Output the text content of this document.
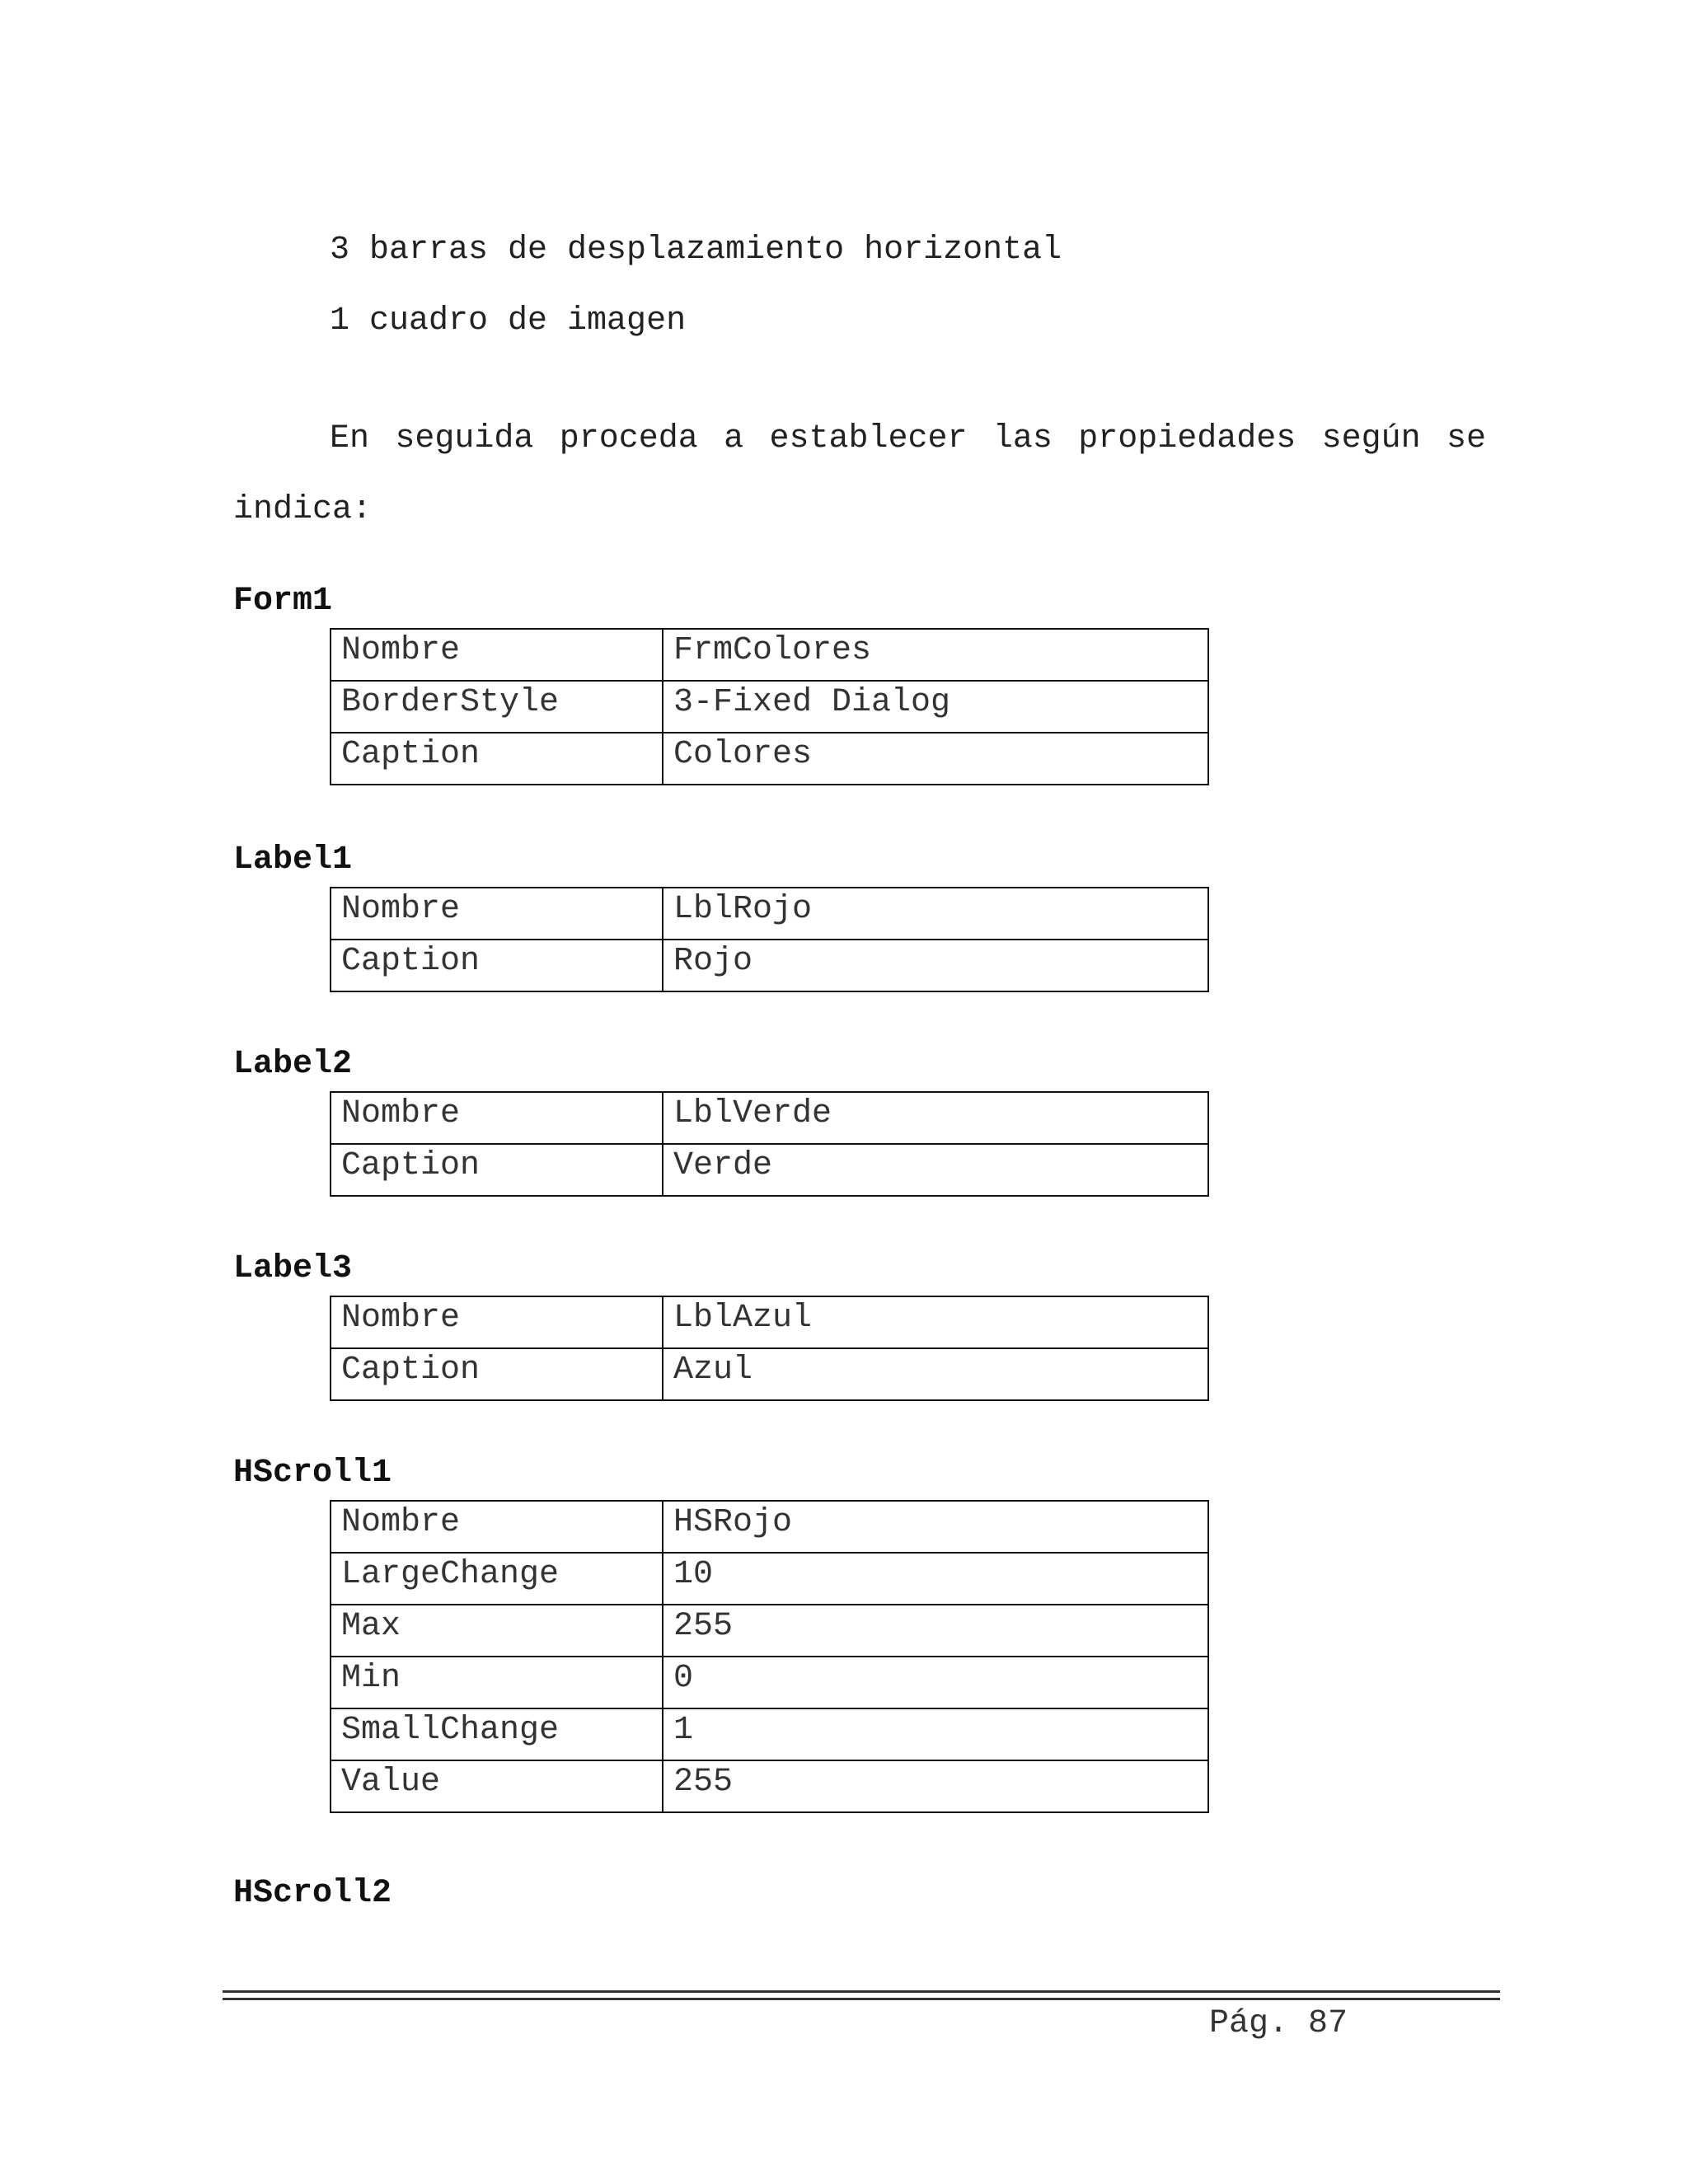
3 barras de desplazamiento horizontal

1 cuadro de imagen

En seguida proceda a establecer las propiedades según se indica:

Form1

Nombre	FrmColores
BorderStyle	3-Fixed Dialog
Caption	Colores

Label1

Nombre	LblRojo
Caption	Rojo

Label2

Nombre	LblVerde
Caption	Verde

Label3

Nombre	LblAzul
Caption	Azul

HScroll1

Nombre	HSRojo
LargeChange	10
Max	255
Min	0
SmallChange	1
Value	255

HScroll2

Pág. 87
